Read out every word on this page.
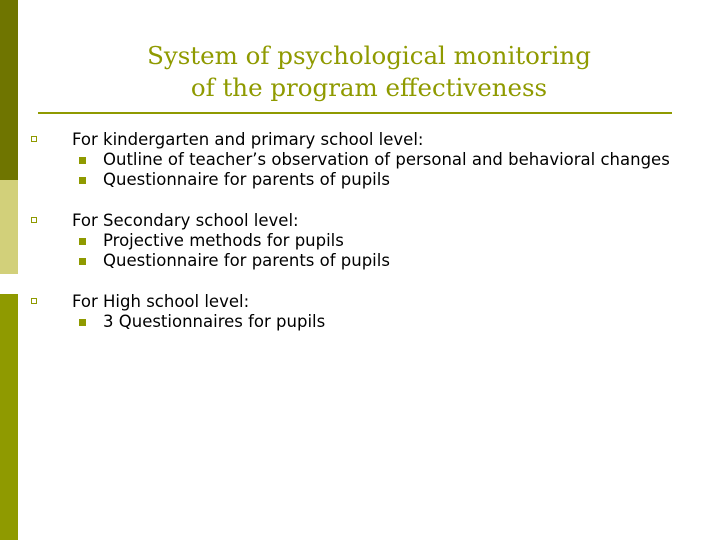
System of psychological monitoring
of the program effectiveness
For kindergarten and primary school level:
Outline of teacher’s observation of personal and behavioral changes
Questionnaire for parents of pupils
For Secondary school level:
Projective methods for pupils
Questionnaire for parents of pupils
For High school level:
3 Questionnaires for pupils
